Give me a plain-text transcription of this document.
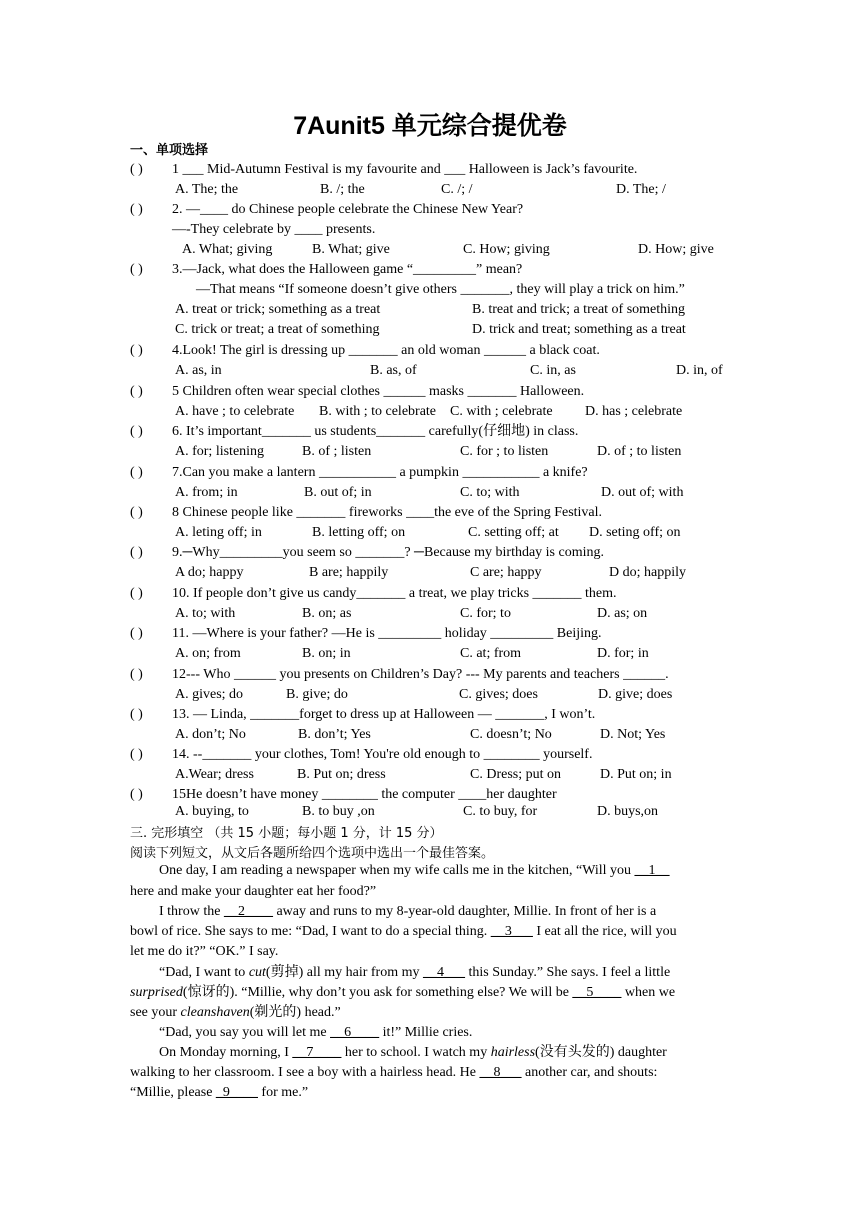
7Aunit5 单元综合提优卷
一、单项选择
( ) 1 ___ Mid-Autumn Festival is my favourite and ___ Halloween is Jack’s favourite.
A. The; the	B. /; the	C. /; /	D. The; /
( ) 2. —____ do Chinese people celebrate the Chinese New Year?
—-They celebrate by ____ presents.
A. What; giving	B. What; give	C. How; giving	D. How; give
( ) 3.—Jack, what does the Halloween game “_________” mean?
—That means “If someone doesn’t give others _______, they will play a trick on him.”
A. treat or trick; something as a treat	B. treat and trick; a treat of something
C. trick or treat; a treat of something	D. trick and treat; something as a treat
( ) 4.Look! The girl is dressing up _______ an old woman ______ a black coat.
A. as, in	B. as, of	C. in, as	D. in, of
( ) 5 Children often wear special clothes ______ masks _______ Halloween.
A. have ; to celebrate B. with ; to celebrate C. with ; celebrate D. has ; celebrate
( ) 6. It’s important_______ us students_______ carefully(仔细地) in class.
A. for; listening	B. of ; listen	C. for ; to listen	D. of ; to listen
( ) 7.Can you make a lantern ___________ a pumpkin ___________ a knife?
A. from; in	B. out of; in	C. to; with	D. out of; with
( ) 8 Chinese people like _______ fireworks ____the eve of the Spring Festival.
A. leting off; in	B. letting off; on	C. setting off; at D. seting off; on
( ) 9.─Why_________you seem so _______? ─Because my birthday is coming.
A do; happy	B are; happily	C are; happy	D do; happily
( ) 10. If people don’t give us candy_______ a treat, we play tricks _______ them.
A. to; with	B. on; as	C. for; to	D. as; on
( ) 11. —Where is your father? —He is _________ holiday _________ Beijing.
A. on; from	B. on; in	C. at; from	D. for; in
( ) 12--- Who ______ you presents on Children’s Day? --- My parents and teachers ______.
A. gives; do	B. give; do	C. gives; does	D. give; does
( ) 13. — Linda, _______forget to dress up at Halloween — _______, I won’t.
A. don’t; No	B. don’t; Yes	C. doesn’t; No	D. Not; Yes
( ) 14. --_______ your clothes, Tom! You're old enough to ________ yourself.
A.Wear; dress	B. Put on; dress	C. Dress; put on	D. Put on; in
( ) 15He doesn’t have money ________ the computer ____her daughter
A. buying, to	B. to buy ,on	C. to buy, for	D. buys,on
三. 完形填空 （共 15 小题；每小题 1 分，计 15 分）
阅读下列短文，从文后各题所给四个选项中选出一个最佳答案。
One day, I am reading a newspaper when my wife calls me in the kitchen, “Will you __1__
here and make your daughter eat her food?”
I throw the __2____ away and runs to my 8-year-old daughter, Millie. In front of her is a
bowl of rice. She says to me: “Dad, I want to do a special thing. __3___ I eat all the rice, will you
let me do it?” “OK.” I say.
“Dad, I want to cut(剪掉) all my hair from my __4___ this Sunday.” She says. I feel a little
surprised(惊讶的). “Millie, why don’t you ask for something else? We will be __5____ when we
see your cleanshaven(剃光的) head.”
“Dad, you say you will let me __6____ it!” Millie cries.
On Monday morning, I __7____ her to school. I watch my hairless(没有头发的) daughter
walking to her classroom. I see a boy with a hairless head. He __8___ another car, and shouts:
“Millie, please _9____ for me.”
